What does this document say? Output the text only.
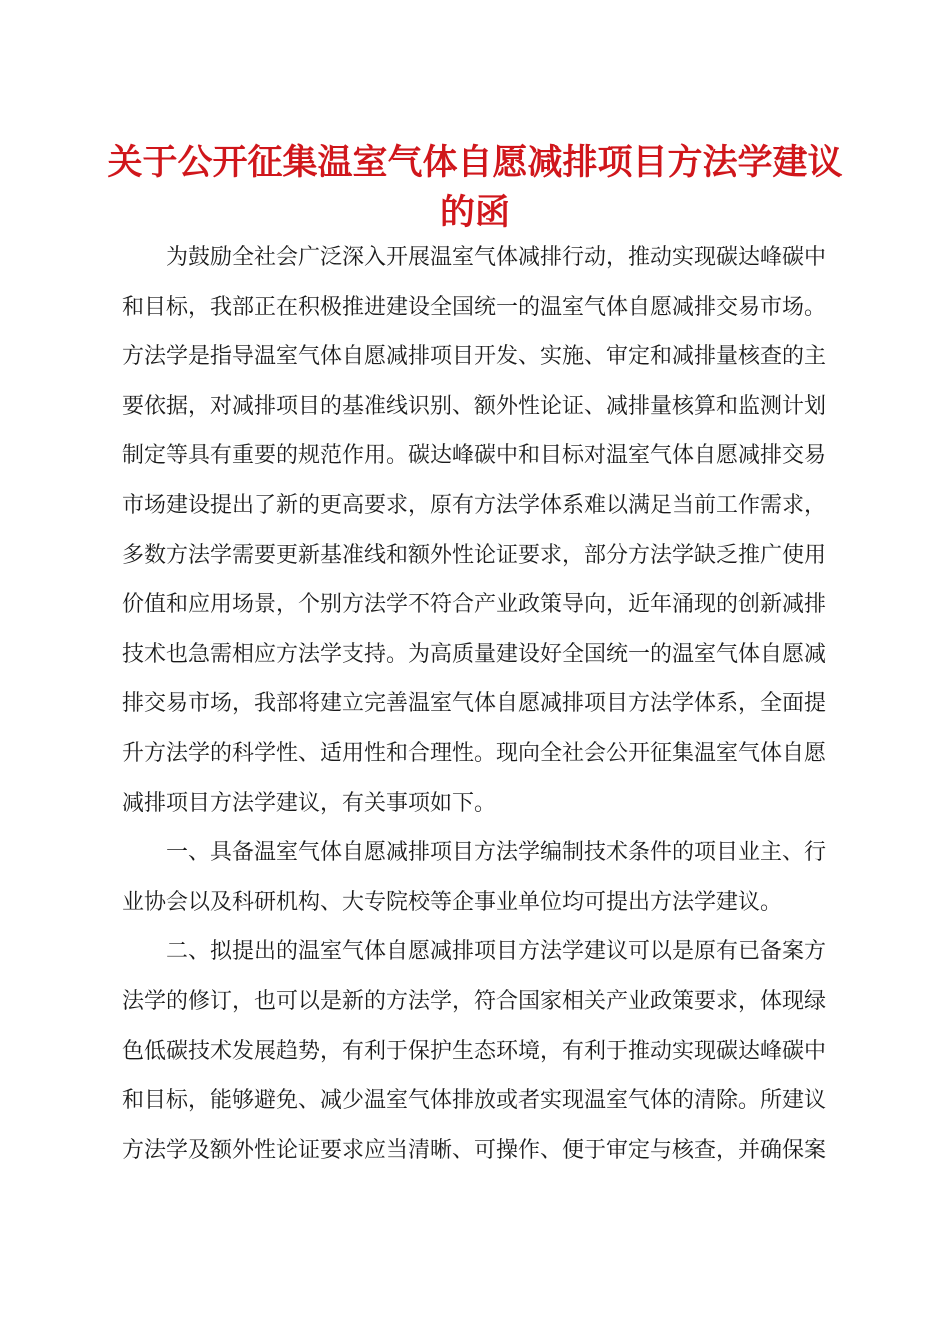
关于公开征集温室气体自愿减排项目方法学建议
的函
为鼓励全社会广泛深入开展温室气体减排行动，推动实现碳达峰碳中
和目标，我部正在积极推进建设全国统一的温室气体自愿减排交易市场。
方法学是指导温室气体自愿减排项目开发、实施、审定和减排量核查的主
要依据，对减排项目的基准线识别、额外性论证、减排量核算和监测计划
制定等具有重要的规范作用。碳达峰碳中和目标对温室气体自愿减排交易
市场建设提出了新的更高要求，原有方法学体系难以满足当前工作需求，
多数方法学需要更新基准线和额外性论证要求，部分方法学缺乏推广使用
价值和应用场景，个别方法学不符合产业政策导向，近年涌现的创新减排
技术也急需相应方法学支持。为高质量建设好全国统一的温室气体自愿减
排交易市场，我部将建立完善温室气体自愿减排项目方法学体系，全面提
升方法学的科学性、适用性和合理性。现向全社会公开征集温室气体自愿
减排项目方法学建议，有关事项如下。
一、具备温室气体自愿减排项目方法学编制技术条件的项目业主、行
业协会以及科研机构、大专院校等企事业单位均可提出方法学建议。
二、拟提出的温室气体自愿减排项目方法学建议可以是原有已备案方
法学的修订，也可以是新的方法学，符合国家相关产业政策要求，体现绿
色低碳技术发展趋势，有利于保护生态环境，有利于推动实现碳达峰碳中
和目标，能够避免、减少温室气体排放或者实现温室气体的清除。所建议
方法学及额外性论证要求应当清晰、可操作、便于审定与核查，并确保案
